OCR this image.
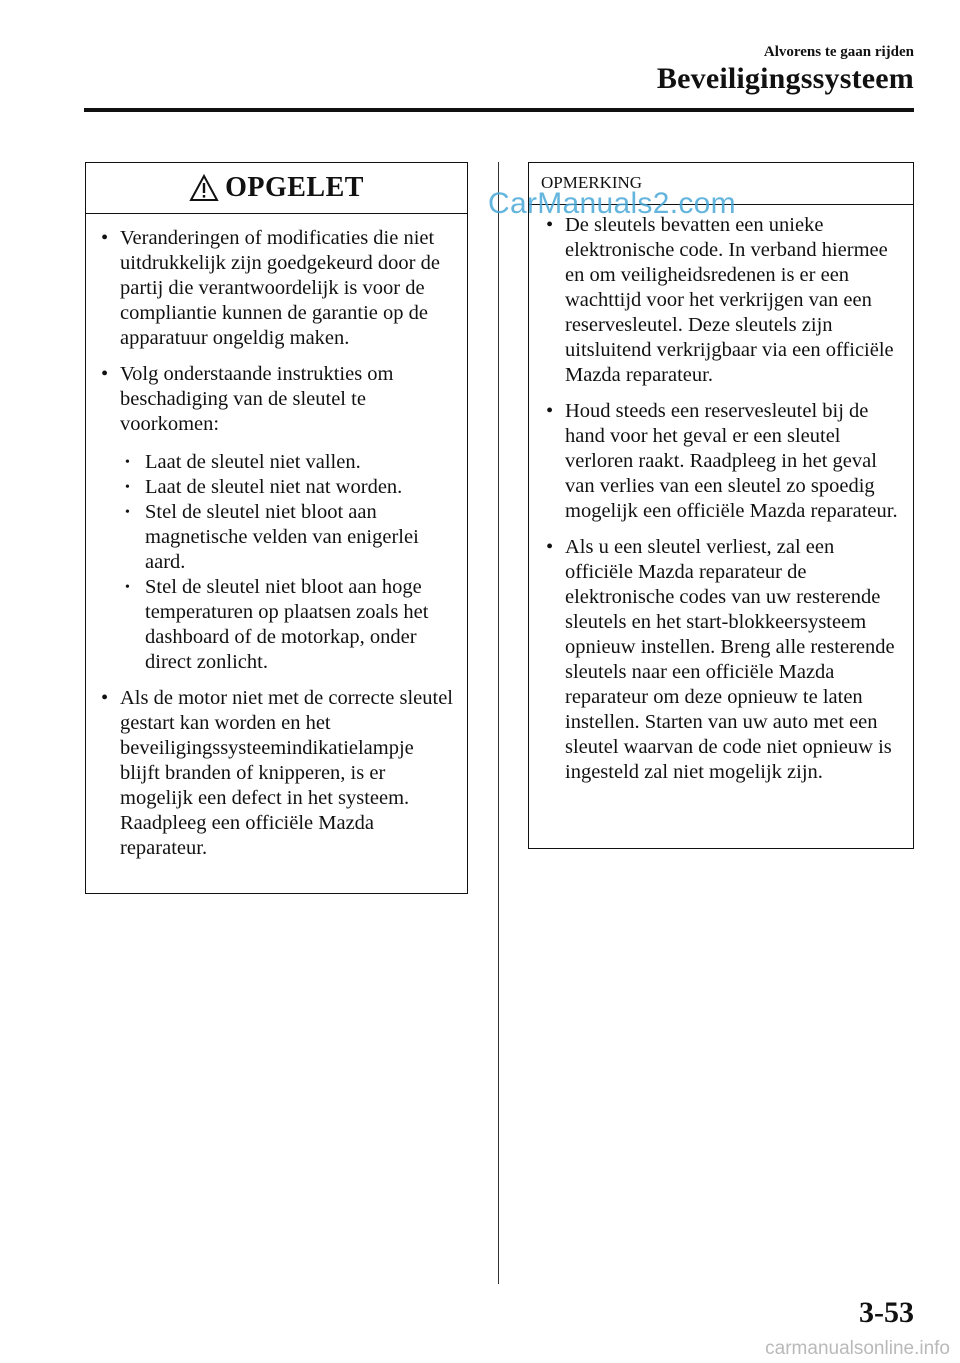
Alvorens te gaan rijden
Beveiligingssysteem
OPGELET
• Veranderingen of modificaties die niet uitdrukkelijk zijn goedgekeurd door de partij die verantwoordelijk is voor de compliantie kunnen de garantie op de apparatuur ongeldig maken.
• Volg onderstaande instrukties om beschadiging van de sleutel te voorkomen:
• Laat de sleutel niet vallen.
• Laat de sleutel niet nat worden.
• Stel de sleutel niet bloot aan magnetische velden van enigerlei aard.
• Stel de sleutel niet bloot aan hoge temperaturen op plaatsen zoals het dashboard of de motorkap, onder direct zonlicht.
• Als de motor niet met de correcte sleutel gestart kan worden en het beveiligingssysteemindikatielampje blijft branden of knipperen, is er mogelijk een defect in het systeem. Raadpleeg een officiële Mazda reparateur.
OPMERKING
• De sleutels bevatten een unieke elektronische code. In verband hiermee en om veiligheidsredenen is er een wachttijd voor het verkrijgen van een reservesleutel. Deze sleutels zijn uitsluitend verkrijgbaar via een officiële Mazda reparateur.
• Houd steeds een reservesleutel bij de hand voor het geval er een sleutel verloren raakt. Raadpleeg in het geval van verlies van een sleutel zo spoedig mogelijk een officiële Mazda reparateur.
• Als u een sleutel verliest, zal een officiële Mazda reparateur de elektronische codes van uw resterende sleutels en het start-blokkeersysteem opnieuw instellen. Breng alle resterende sleutels naar een officiële Mazda reparateur om deze opnieuw te laten instellen. Starten van uw auto met een sleutel waarvan de code niet opnieuw is ingesteld zal niet mogelijk zijn.
CarManuals2.com
3-53
carmanualsonline.info
